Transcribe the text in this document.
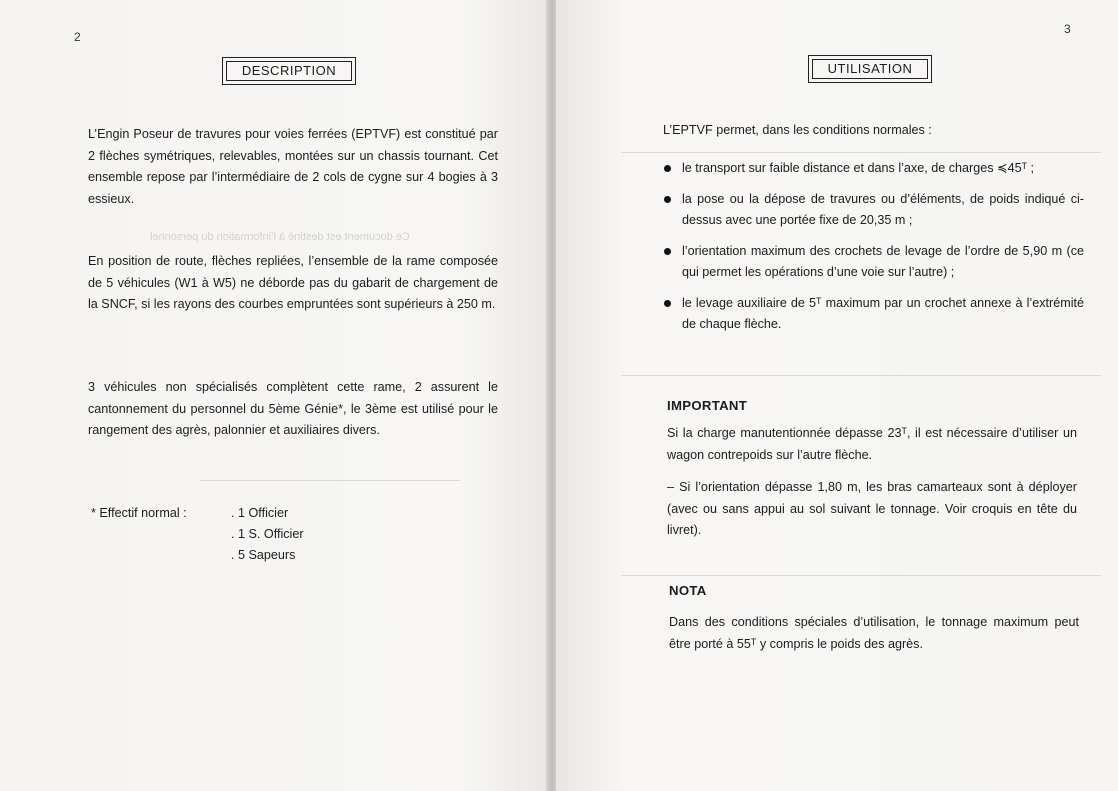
Ce document est destiné à l’information du personnel
2
DESCRIPTION

L’Engin Poseur de travures pour voies ferrées (EPTVF) est constitué par 2 flèches symétriques, relevables, montées sur un chassis tournant. Cet ensemble repose par l’intermédiaire de 2 cols de cygne sur 4 bogies à 3 essieux.

En position de route, flèches repliées, l’ensemble de la rame composée de 5 véhicules (W1 à W5) ne déborde pas du gabarit de chargement de la SNCF, si les rayons des courbes empruntées sont supérieurs à 250 m.

3 véhicules non spécialisés complètent cette rame, 2 assurent le cantonnement du personnel du 5ème Génie*, le 3ème est utilisé pour le rangement des agrès, palonnier et auxiliaires divers.

* Effectif normal :	. 1 Officier
. 1 S. Officier
. 5 Sapeurs
3
UTILISATION

L’EPTVF permet, dans les conditions normales :

le transport sur faible distance et dans l’axe, de charges ≼45ᵀ ;
la pose ou la dépose de travures ou d’éléments, de poids indiqué ci-dessus avec une portée fixe de 20,35 m ;
l’orientation maximum des crochets de levage de l’ordre de 5,90 m (ce qui permet les opérations d’une voie sur l’autre) ;
le levage auxiliaire de 5ᵀ maximum par un crochet annexe à l’extrémité de chaque flèche.
IMPORTANT

Si la charge manutentionnée dépasse 23ᵀ, il est nécessaire d’utiliser un wagon contrepoids sur l’autre flèche.

– Si l’orientation dépasse 1,80 m, les bras camarteaux sont à déployer (avec ou sans appui au sol suivant le tonnage. Voir croquis en tête du livret).

NOTA

Dans des conditions spéciales d’utilisation, le tonnage maximum peut être porté à 55ᵀ y compris le poids des agrès.
